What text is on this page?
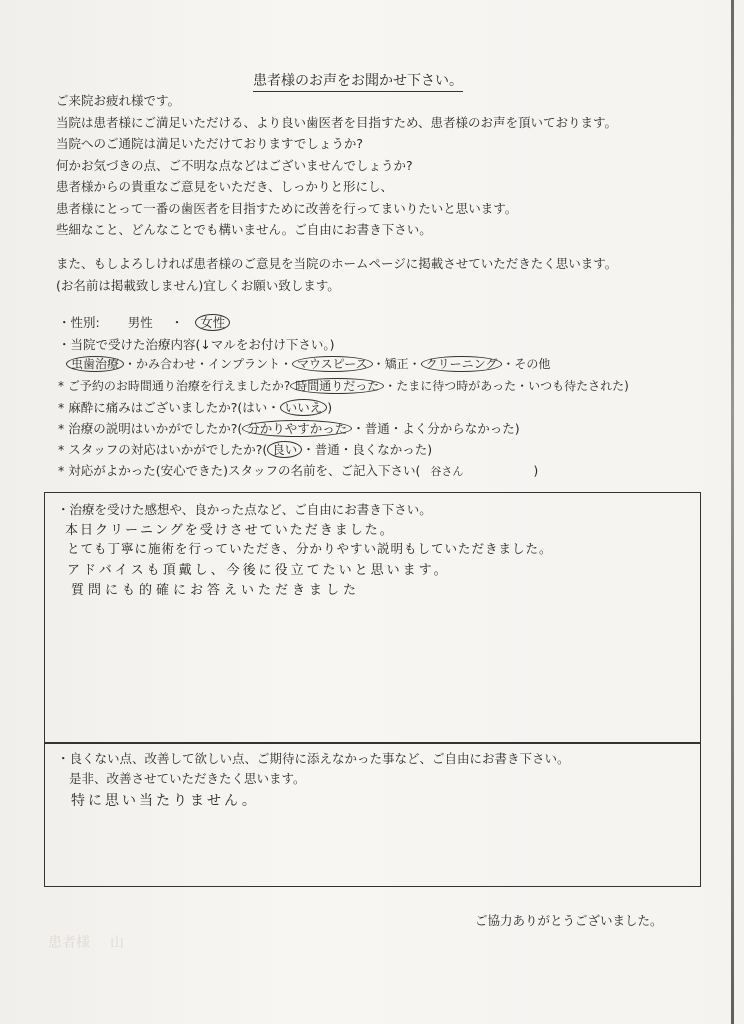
患者様のお声をお聞かせ下さい。
ご来院お疲れ様です。
当院は患者様にご満足いただける、より良い歯医者を目指すため、患者様のお声を頂いております。
当院へのご通院は満足いただけておりますでしょうか?
何かお気づきの点、ご不明な点などはございませんでしょうか?
患者様からの貴重なご意見をいただき、しっかりと形にし、
患者様にとって一番の歯医者を目指すために改善を行ってまいりたいと思います。
些細なこと、どんなことでも構いません。ご自由にお書き下さい。
また、もしよろしければ患者様のご意見を当院のホームページに掲載させていただきたく思います。
(お名前は掲載致しません)宜しくお願い致します。
・性別: 男性 ・ 女性
・当院で受けた治療内容(↓マルをお付け下さい。)
虫歯治療 ・かみ合わせ・インプラント・ マウスピース ・矯正・ クリーニング ・その他
* ご予約のお時間通り治療を行えましたか? 時間通りだった ・たまに待つ時があった・いつも待たされた)
* 麻酔に痛みはございましたか?(はい・ いいえ )
* 治療の説明はいかがでしたか?( 分かりやすかった ・普通・よく分からなかった)
* スタッフの対応はいかがでしたか?( 良い ・普通・良くなかった)
* 対応がよかった(安心できた)スタッフの名前を、ご記入下さい( 谷さん	)
・治療を受けた感想や、良かった点など、ご自由にお書き下さい。
本日クリーニングを受けさせていただきました。
とても丁寧に施術を行っていただき、分かりやすい説明もしていただきました。
アドバイスも頂戴し、今後に役立てたいと思います。
質問にも的確にお答えいただきました
・良くない点、改善して欲しい点、ご期待に添えなかった事など、ご自由にお書き下さい。
是非、改善させていただきたく思います。
特に思い当たりません。
患者様 山
ご協力ありがとうございました。
